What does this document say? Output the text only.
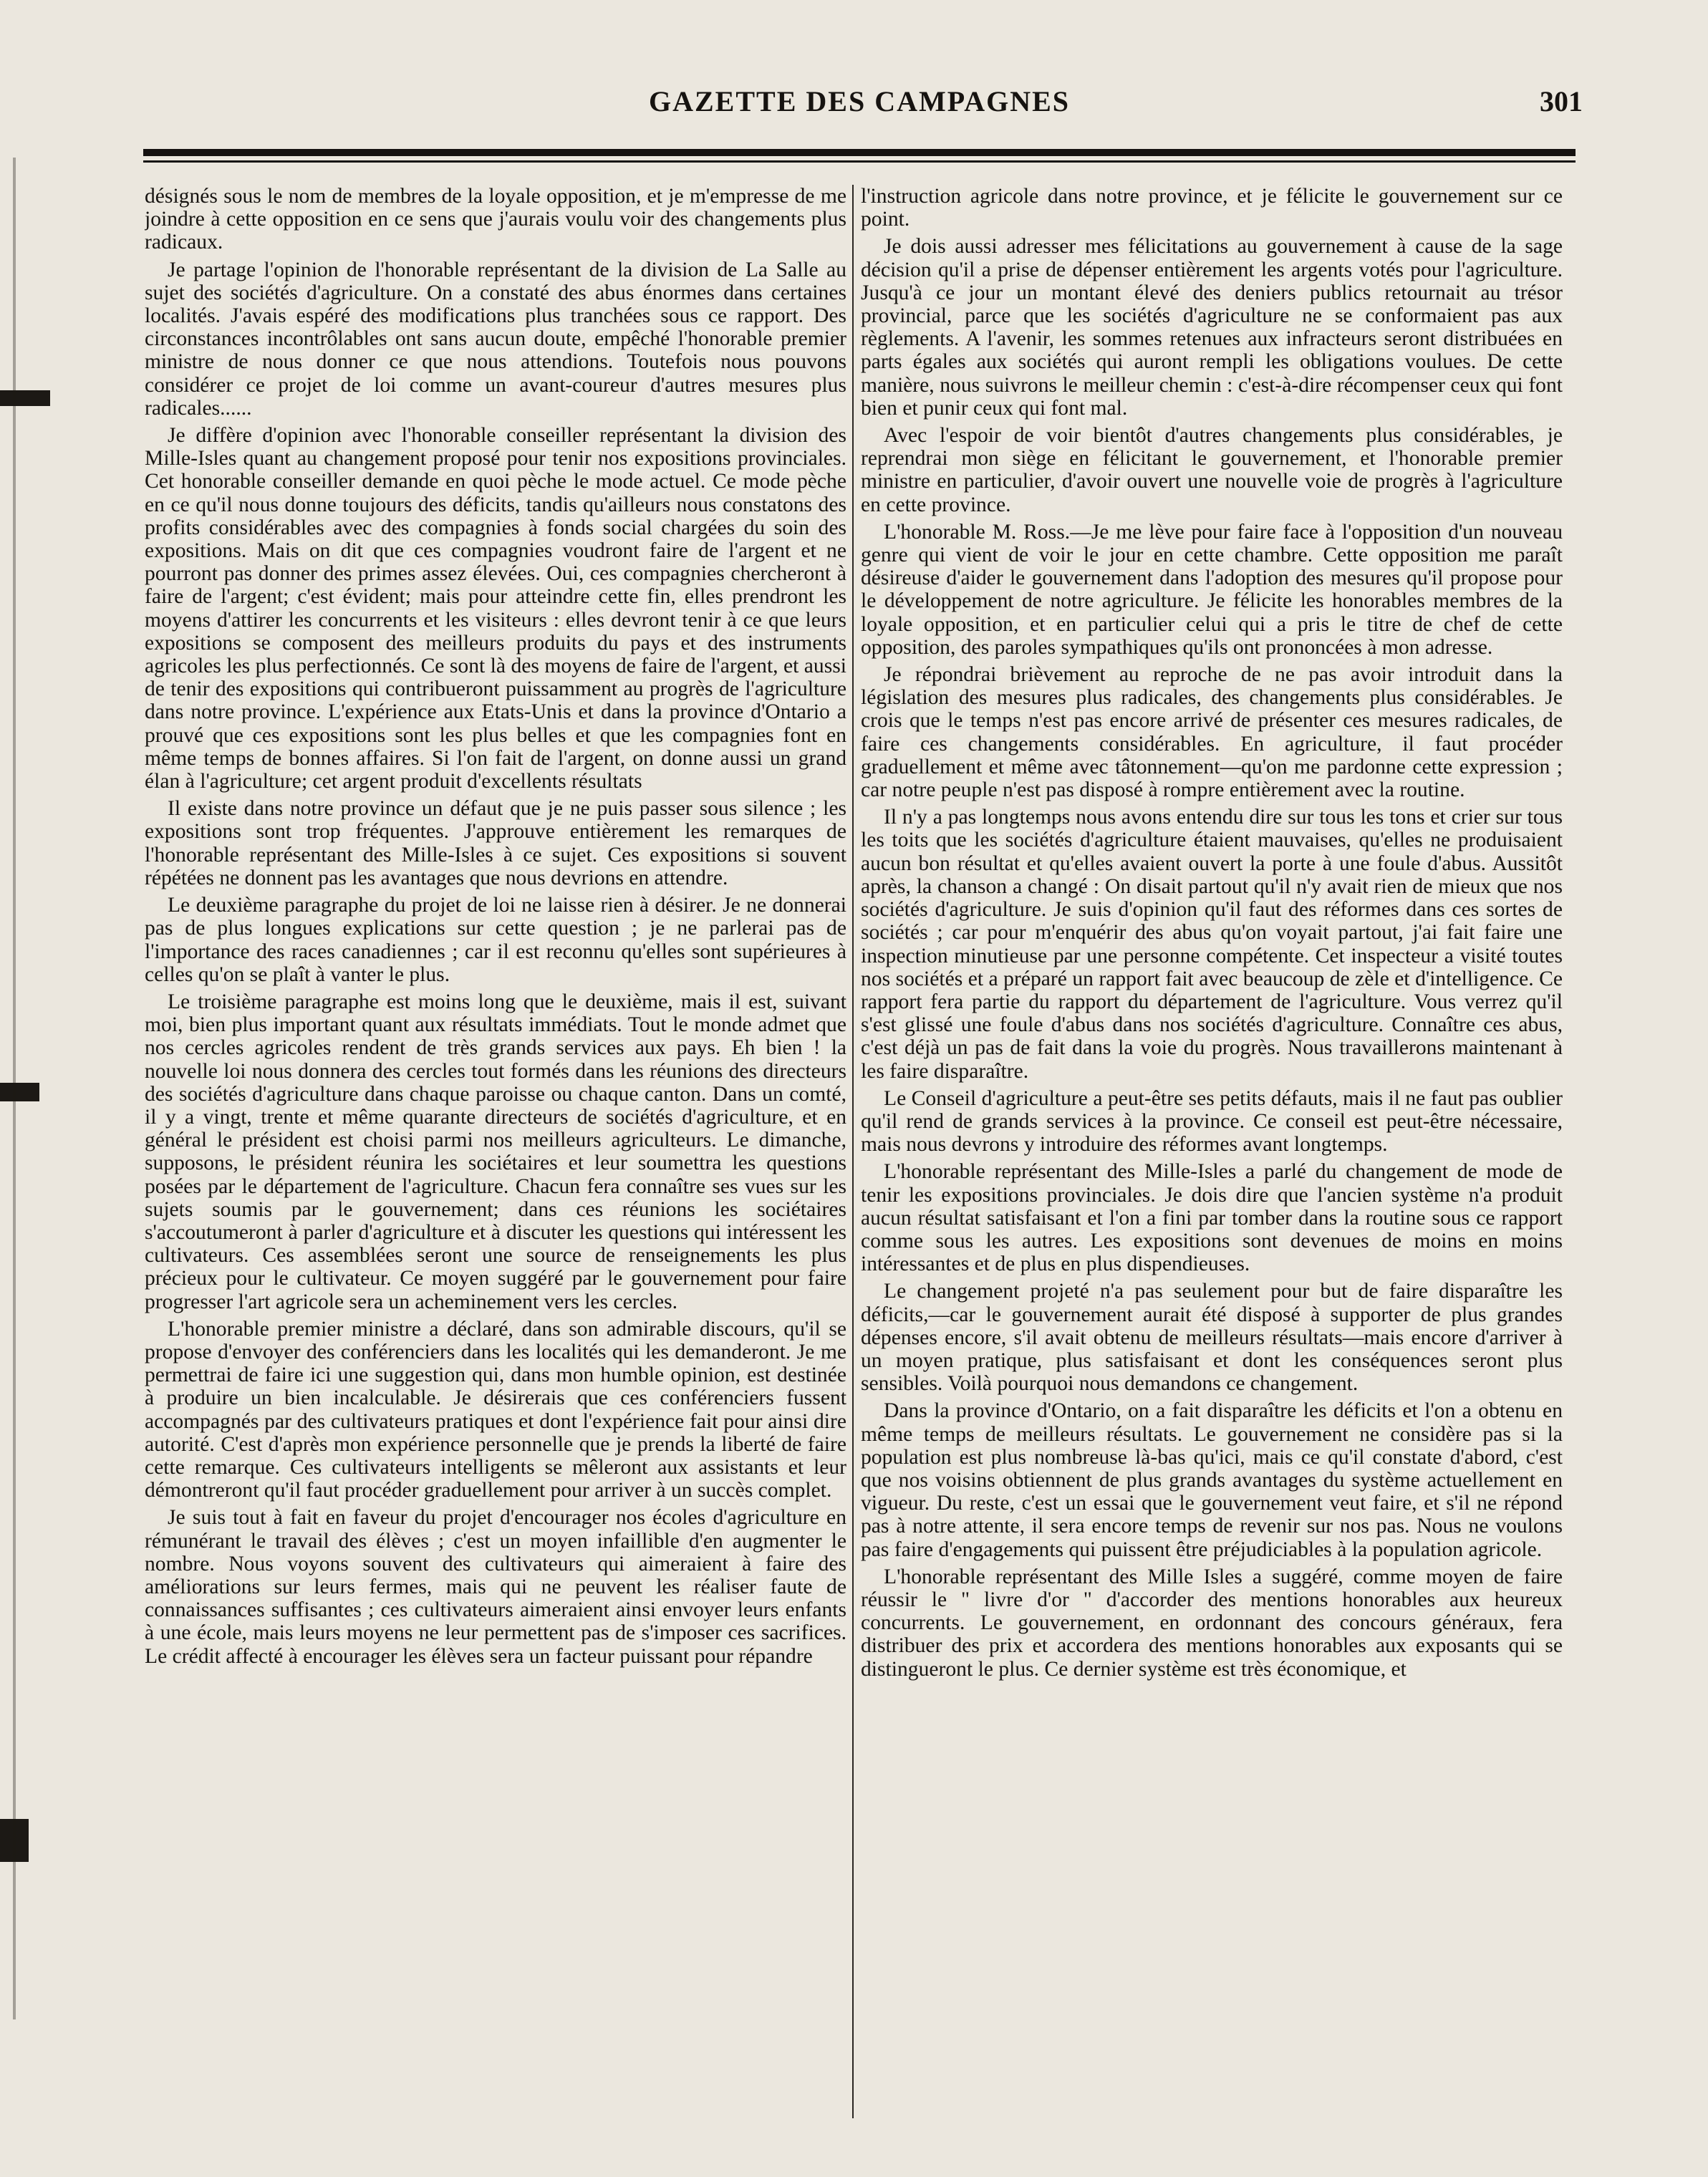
GAZETTE DES CAMPAGNES	301

désignés sous le nom de membres de la loyale opposition, et je m'empresse de me joindre à cette opposition en ce sens que j'aurais voulu voir des changements plus radicaux.

Je partage l'opinion de l'honorable représentant de la division de La Salle au sujet des sociétés d'agriculture. On a constaté des abus énormes dans certaines localités. J'avais espéré des modifications plus tranchées sous ce rapport. Des circonstances incontrôlables ont sans aucun doute, empêché l'honorable premier ministre de nous donner ce que nous attendions. Toutefois nous pouvons considérer ce projet de loi comme un avant-coureur d'autres mesures plus radicales......

Je diffère d'opinion avec l'honorable conseiller représentant la division des Mille-Isles quant au changement proposé pour tenir nos expositions provinciales. Cet honorable conseiller demande en quoi pèche le mode actuel. Ce mode pèche en ce qu'il nous donne toujours des déficits, tandis qu'ailleurs nous constatons des profits considérables avec des compagnies à fonds social chargées du soin des expositions. Mais on dit que ces compagnies voudront faire de l'argent et ne pourront pas donner des primes assez élevées. Oui, ces compagnies chercheront à faire de l'argent; c'est évident; mais pour atteindre cette fin, elles prendront les moyens d'attirer les concurrents et les visiteurs : elles devront tenir à ce que leurs expositions se composent des meilleurs produits du pays et des instruments agricoles les plus perfectionnés. Ce sont là des moyens de faire de l'argent, et aussi de tenir des expositions qui contribueront puissamment au progrès de l'agriculture dans notre province. L'expérience aux Etats-Unis et dans la province d'Ontario a prouvé que ces expositions sont les plus belles et que les compagnies font en même temps de bonnes affaires. Si l'on fait de l'argent, on donne aussi un grand élan à l'agriculture; cet argent produit d'excellents résultats

Il existe dans notre province un défaut que je ne puis passer sous silence ; les expositions sont trop fréquentes. J'approuve entièrement les remarques de l'honorable représentant des Mille-Isles à ce sujet. Ces expositions si souvent répétées ne donnent pas les avantages que nous devrions en attendre.

Le deuxième paragraphe du projet de loi ne laisse rien à désirer. Je ne donnerai pas de plus longues explications sur cette question ; je ne parlerai pas de l'importance des races canadiennes ; car il est reconnu qu'elles sont supérieures à celles qu'on se plaît à vanter le plus.

Le troisième paragraphe est moins long que le deuxième, mais il est, suivant moi, bien plus important quant aux résultats immédiats. Tout le monde admet que nos cercles agricoles rendent de très grands services aux pays. Eh bien ! la nouvelle loi nous donnera des cercles tout formés dans les réunions des directeurs des sociétés d'agriculture dans chaque paroisse ou chaque canton. Dans un comté, il y a vingt, trente et même quarante directeurs de sociétés d'agriculture, et en général le président est choisi parmi nos meilleurs agriculteurs. Le dimanche, supposons, le président réunira les sociétaires et leur soumettra les questions posées par le département de l'agriculture. Chacun fera connaître ses vues sur les sujets soumis par le gouvernement; dans ces réunions les sociétaires s'accoutumeront à parler d'agriculture et à discuter les questions qui intéressent les cultivateurs. Ces assemblées seront une source de renseignements les plus précieux pour le cultivateur. Ce moyen suggéré par le gouvernement pour faire progresser l'art agricole sera un acheminement vers les cercles.

L'honorable premier ministre a déclaré, dans son admirable discours, qu'il se propose d'envoyer des conférenciers dans les localités qui les demanderont. Je me permettrai de faire ici une suggestion qui, dans mon humble opinion, est destinée à produire un bien incalculable. Je désirerais que ces conférenciers fussent accompagnés par des cultivateurs pratiques et dont l'expérience fait pour ainsi dire autorité. C'est d'après mon expérience personnelle que je prends la liberté de faire cette remarque. Ces cultivateurs intelligents se mêleront aux assistants et leur démontreront qu'il faut procéder graduellement pour arriver à un succès complet.

Je suis tout à fait en faveur du projet d'encourager nos écoles d'agriculture en rémunérant le travail des élèves ; c'est un moyen infaillible d'en augmenter le nombre. Nous voyons souvent des cultivateurs qui aimeraient à faire des améliorations sur leurs fermes, mais qui ne peuvent les réaliser faute de connaissances suffisantes ; ces cultivateurs aimeraient ainsi envoyer leurs enfants à une école, mais leurs moyens ne leur permettent pas de s'imposer ces sacrifices. Le crédit affecté à encourager les élèves sera un facteur puissant pour répandre

l'instruction agricole dans notre province, et je félicite le gouvernement sur ce point.

Je dois aussi adresser mes félicitations au gouvernement à cause de la sage décision qu'il a prise de dépenser entièrement les argents votés pour l'agriculture. Jusqu'à ce jour un montant élevé des deniers publics retournait au trésor provincial, parce que les sociétés d'agriculture ne se conformaient pas aux règlements. A l'avenir, les sommes retenues aux infracteurs seront distribuées en parts égales aux sociétés qui auront rempli les obligations voulues. De cette manière, nous suivrons le meilleur chemin : c'est-à-dire récompenser ceux qui font bien et punir ceux qui font mal.

Avec l'espoir de voir bientôt d'autres changements plus considérables, je reprendrai mon siège en félicitant le gouvernement, et l'honorable premier ministre en particulier, d'avoir ouvert une nouvelle voie de progrès à l'agriculture en cette province.

L'honorable M. Ross.—Je me lève pour faire face à l'opposition d'un nouveau genre qui vient de voir le jour en cette chambre. Cette opposition me paraît désireuse d'aider le gouvernement dans l'adoption des mesures qu'il propose pour le développement de notre agriculture. Je félicite les honorables membres de la loyale opposition, et en particulier celui qui a pris le titre de chef de cette opposition, des paroles sympathiques qu'ils ont prononcées à mon adresse.

Je répondrai brièvement au reproche de ne pas avoir introduit dans la législation des mesures plus radicales, des changements plus considérables. Je crois que le temps n'est pas encore arrivé de présenter ces mesures radicales, de faire ces changements considérables. En agriculture, il faut procéder graduellement et même avec tâtonnement—qu'on me pardonne cette expression ; car notre peuple n'est pas disposé à rompre entièrement avec la routine.

Il n'y a pas longtemps nous avons entendu dire sur tous les tons et crier sur tous les toits que les sociétés d'agriculture étaient mauvaises, qu'elles ne produisaient aucun bon résultat et qu'elles avaient ouvert la porte à une foule d'abus. Aussitôt après, la chanson a changé : On disait partout qu'il n'y avait rien de mieux que nos sociétés d'agriculture. Je suis d'opinion qu'il faut des réformes dans ces sortes de sociétés ; car pour m'enquérir des abus qu'on voyait partout, j'ai fait faire une inspection minutieuse par une personne compétente. Cet inspecteur a visité toutes nos sociétés et a préparé un rapport fait avec beaucoup de zèle et d'intelligence. Ce rapport fera partie du rapport du département de l'agriculture. Vous verrez qu'il s'est glissé une foule d'abus dans nos sociétés d'agriculture. Connaître ces abus, c'est déjà un pas de fait dans la voie du progrès. Nous travaillerons maintenant à les faire disparaître.

Le Conseil d'agriculture a peut-être ses petits défauts, mais il ne faut pas oublier qu'il rend de grands services à la province. Ce conseil est peut-être nécessaire, mais nous devrons y introduire des réformes avant longtemps.

L'honorable représentant des Mille-Isles a parlé du changement de mode de tenir les expositions provinciales. Je dois dire que l'ancien système n'a produit aucun résultat satisfaisant et l'on a fini par tomber dans la routine sous ce rapport comme sous les autres. Les expositions sont devenues de moins en moins intéressantes et de plus en plus dispendieuses.

Le changement projeté n'a pas seulement pour but de faire disparaître les déficits,—car le gouvernement aurait été disposé à supporter de plus grandes dépenses encore, s'il avait obtenu de meilleurs résultats—mais encore d'arriver à un moyen pratique, plus satisfaisant et dont les conséquences seront plus sensibles. Voilà pourquoi nous demandons ce changement.

Dans la province d'Ontario, on a fait disparaître les déficits et l'on a obtenu en même temps de meilleurs résultats. Le gouvernement ne considère pas si la population est plus nombreuse là-bas qu'ici, mais ce qu'il constate d'abord, c'est que nos voisins obtiennent de plus grands avantages du système actuellement en vigueur. Du reste, c'est un essai que le gouvernement veut faire, et s'il ne répond pas à notre attente, il sera encore temps de revenir sur nos pas. Nous ne voulons pas faire d'engagements qui puissent être préjudiciables à la population agricole.

L'honorable représentant des Mille Isles a suggéré, comme moyen de faire réussir le " livre d'or " d'accorder des mentions honorables aux heureux concurrents. Le gouvernement, en ordonnant des concours généraux, fera distribuer des prix et accordera des mentions honorables aux exposants qui se distingueront le plus. Ce dernier système est très économique, et
